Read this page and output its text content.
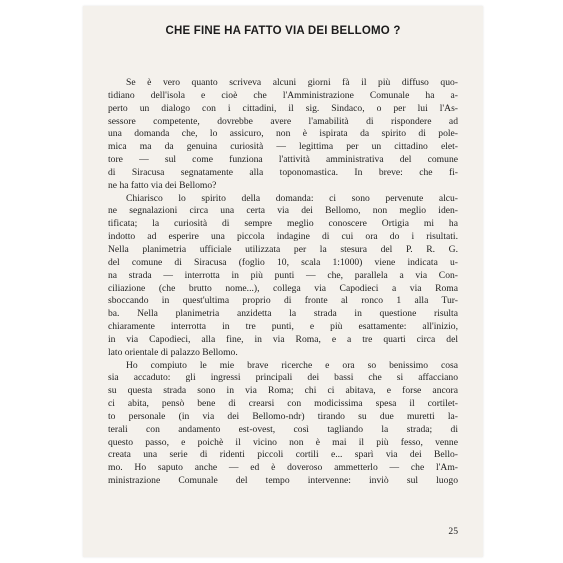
CHE FINE HA FATTO VIA DEI BELLOMO ?
Se è vero quanto scriveva alcuni giorni fà il più diffuso quo-
tidiano dell'isola e cioè che l'Amministrazione Comunale ha a-
perto un dialogo con i cittadini, il sig. Sindaco, o per lui l'As-
sessore competente, dovrebbe avere l'amabilità di rispondere ad
una domanda che, lo assicuro, non è ispirata da spirito di pole-
mica ma da genuina curiosità — legittima per un cittadino elet-
tore — sul come funziona l'attività amministrativa del comune
di Siracusa segnatamente alla toponomastica. In breve: che fi-
ne ha fatto via dei Bellomo?
Chiarisco lo spirito della domanda: ci sono pervenute alcu-
ne segnalazioni circa una certa via dei Bellomo, non meglio iden-
tificata; la curiosità di sempre meglio conoscere Ortigia mi ha
indotto ad esperire una piccola indagine di cui ora do i risultati.
Nella planimetria ufficiale utilizzata per la stesura del P. R. G.
del comune di Siracusa (foglio 10, scala 1:1000) viene indicata u-
na strada — interrotta in più punti — che, parallela a via Con-
ciliazione (che brutto nome...), collega via Capodieci a via Roma
sboccando in quest'ultima proprio di fronte al ronco 1 alla Tur-
ba. Nella planimetria anzidetta la strada in questione risulta
chiaramente interrotta in tre punti, e più esattamente: all'inizio,
in via Capodieci, alla fine, in via Roma, e a tre quarti circa del
lato orientale di palazzo Bellomo.
Ho compiuto le mie brave ricerche e ora so benissimo cosa
sia accaduto: gli ingressi principali dei bassi che si affacciano
su questa strada sono in via Roma; chi ci abitava, e forse ancora
ci abita, pensò bene di crearsi con modicissima spesa il cortilet-
to personale (in via dei Bellomo-ndr) tirando su due muretti la-
terali con andamento est-ovest, così tagliando la strada; di
questo passo, e poichè il vicino non è mai il più fesso, venne
creata una serie di ridenti piccoli cortili e... sparì via dei Bello-
mo. Ho saputo anche — ed è doveroso ammetterlo — che l'Am-
ministrazione Comunale del tempo intervenne: inviò sul luogo
25
